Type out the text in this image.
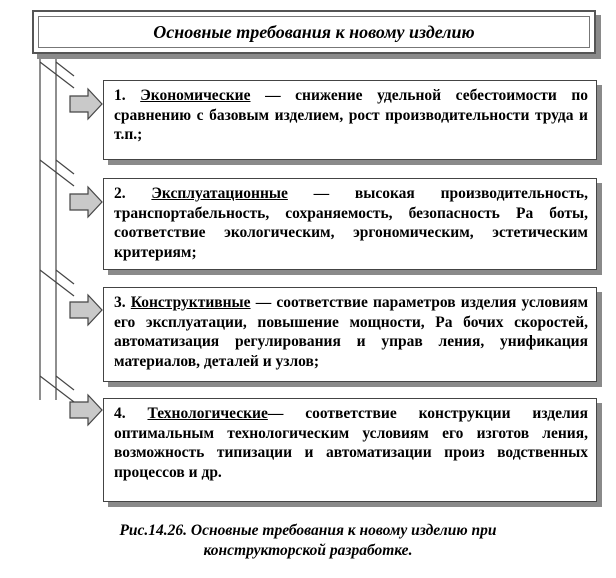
Основные требования к новому изделию

1. Экономические — снижение удельной себестоимости по сравнению с базовым изделием, рост производительности труда и т.п.;

2. Эксплуатационные — высокая производительность, транспортабельность, сохраняемость, безопасность Ра боты, соответствие экологическим, эргономическим, эстетическим критериям;

3. Конструктивные — соответствие параметров изделия условиям его эксплуатации, повышение мощности, Ра бочих скоростей, автоматизация регулирования и управ ления, унификация материалов, деталей и узлов;

4. Технологические— соответствие конструкции изделия оптимальным технологическим условиям его изготов ления, возможность типизации и автоматизации произ водственных процессов и др.

Рис.14.26. Основные требования к новому изделию при
конструкторской разработке.
